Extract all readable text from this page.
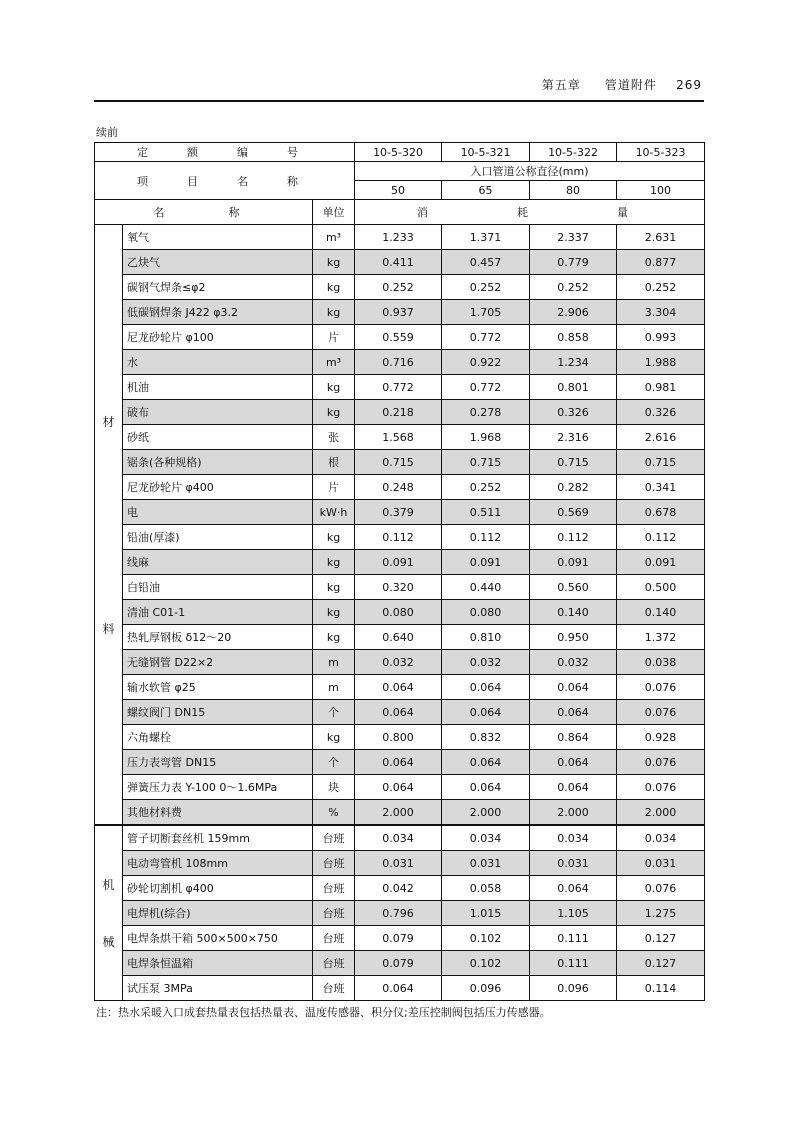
第五章 管道附件 269
续前
定　额　编　号			10-5-320	10-5-321	10-5-322	10-5-323
项　目　名　称			入口管道公称直径(mm)			
			50	65	80	100
名　　称		单位	消　　　耗　　　量			

材
料	氧气	m³	1.233	1.371	2.337	2.631
	乙炔气	kg	0.411	0.457	0.779	0.877
	碳钢气焊条≤φ2	kg	0.252	0.252	0.252	0.252
	低碳钢焊条 J422 φ3.2	kg	0.937	1.705	2.906	3.304
	尼龙砂轮片 φ100	片	0.559	0.772	0.858	0.993
	水	m³	0.716	0.922	1.234	1.988
	机油	kg	0.772	0.772	0.801	0.981
	破布	kg	0.218	0.278	0.326	0.326
	砂纸	张	1.568	1.968	2.316	2.616
	锯条(各种规格)	根	0.715	0.715	0.715	0.715
	尼龙砂轮片 φ400	片	0.248	0.252	0.282	0.341
	电	kW·h	0.379	0.511	0.569	0.678
	铅油(厚漆)	kg	0.112	0.112	0.112	0.112
	线麻	kg	0.091	0.091	0.091	0.091
	白铅油	kg	0.320	0.440	0.560	0.500
	清油 C01-1	kg	0.080	0.080	0.140	0.140
	热轧厚钢板 δ12～20	kg	0.640	0.810	0.950	1.372
	无缝钢管 D22×2	m	0.032	0.032	0.032	0.038
	输水软管 φ25	m	0.064	0.064	0.064	0.076
	螺纹阀门 DN15	个	0.064	0.064	0.064	0.076
	六角螺栓	kg	0.800	0.832	0.864	0.928
	压力表弯管 DN15	个	0.064	0.064	0.064	0.076
	弹簧压力表 Y-100 0～1.6MPa	块	0.064	0.064	0.064	0.076
	其他材料费	%	2.000	2.000	2.000	2.000

机
械	管子切断套丝机 159mm	台班	0.034	0.034	0.034	0.034
	电动弯管机 108mm	台班	0.031	0.031	0.031	0.031
	砂轮切割机 φ400	台班	0.042	0.058	0.064	0.076
	电焊机(综合)	台班	0.796	1.015	1.105	1.275
	电焊条烘干箱 500×500×750	台班	0.079	0.102	0.111	0.127
	电焊条恒温箱	台班	0.079	0.102	0.111	0.127
	试压泵 3MPa	台班	0.064	0.096	0.096	0.114
注：热水采暖入口成套热量表包括热量表、温度传感器、积分仪;差压控制阀包括压力传感器。
